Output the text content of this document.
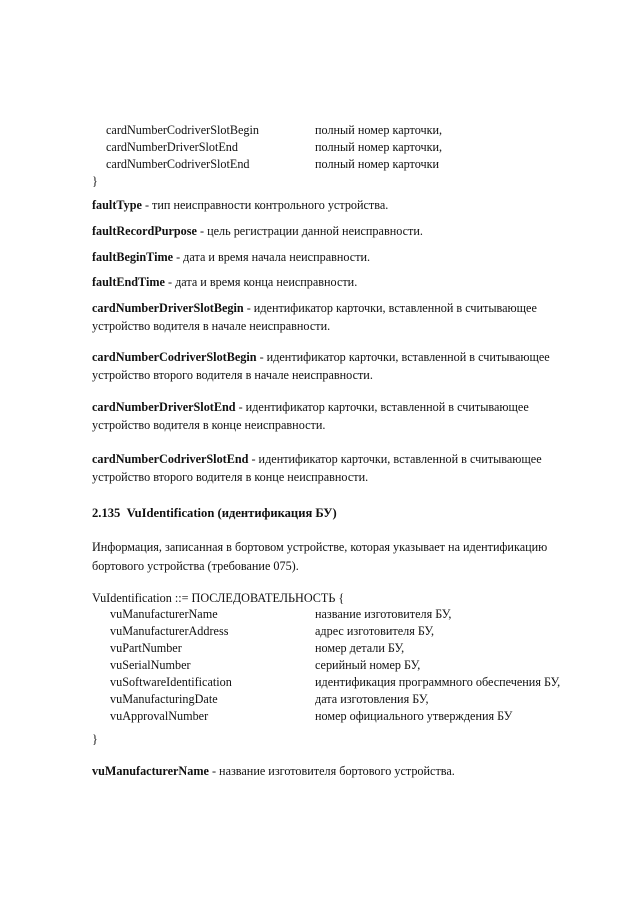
cardNumberCodriverSlotBegin	полный номер карточки,
cardNumberDriverSlotEnd	полный номер карточки,
cardNumberCodriverSlotEnd	полный номер карточки
}
faultType - тип неисправности контрольного устройства.
faultRecordPurpose - цель регистрации данной неисправности.
faultBeginTime - дата и время начала неисправности.
faultEndTime - дата и время конца неисправности.
cardNumberDriverSlotBegin - идентификатор карточки, вставленной в считывающее
устройство водителя в начале неисправности.
cardNumberCodriverSlotBegin - идентификатор карточки, вставленной в считывающее
устройство второго водителя в начале неисправности.
cardNumberDriverSlotEnd - идентификатор карточки, вставленной в считывающее
устройство водителя в конце неисправности.
cardNumberCodriverSlotEnd - идентификатор карточки, вставленной в считывающее
устройство второго водителя в конце неисправности.
2.135 VuIdentification (идентификация БУ)
Информация, записанная в бортовом устройстве, которая указывает на идентификацию
бортового устройства (требование 075).
VuIdentification ::= ПОСЛЕДОВАТЕЛЬНОСТЬ {
vuManufacturerName	название изготовителя БУ,
vuManufacturerAddress	адрес изготовителя БУ,
vuPartNumber	номер детали БУ,
vuSerialNumber	серийный номер БУ,
vuSoftwareIdentification	идентификация программного обеспечения БУ,
vuManufacturingDate	дата изготовления БУ,
vuApprovalNumber	номер официального утверждения БУ
}
vuManufacturerName - название изготовителя бортового устройства.
